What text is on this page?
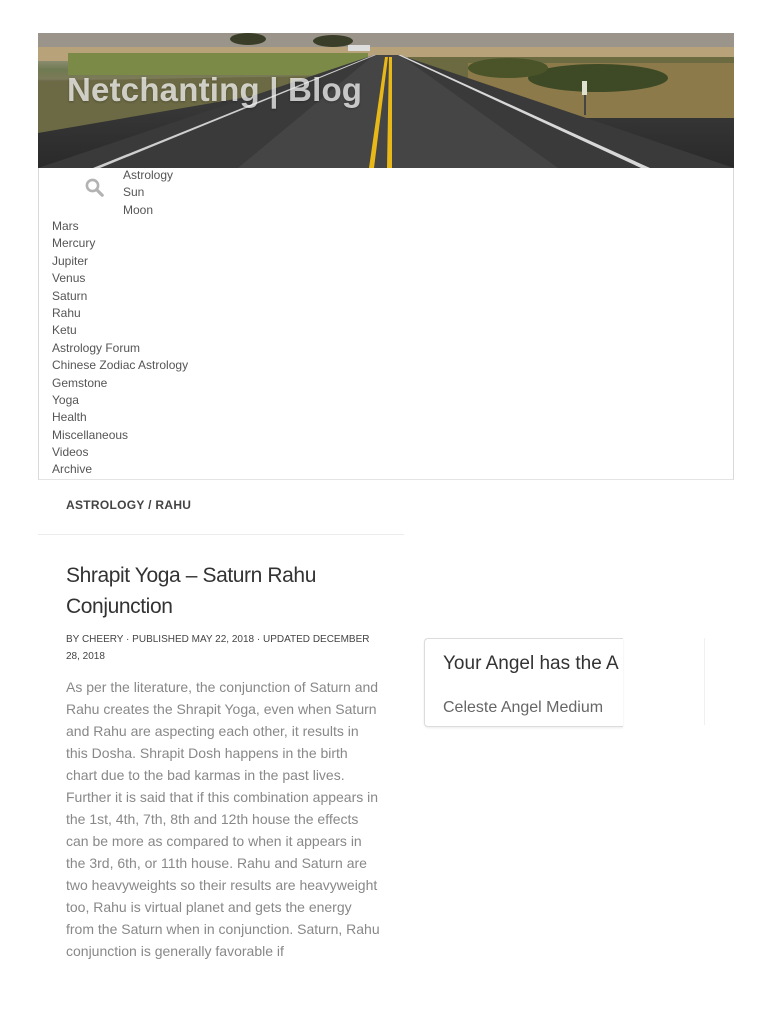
Netchanting | Blog
Astrology
Sun
Moon
Mars
Mercury
Jupiter
Venus
Saturn
Rahu
Ketu
Astrology Forum
Chinese Zodiac Astrology
Gemstone
Yoga
Health
Miscellaneous
Videos
Archive
ASTROLOGY / RAHU
Shrapit Yoga – Saturn Rahu Conjunction
BY CHEERY · PUBLISHED MAY 22, 2018 · UPDATED DECEMBER 28, 2018

As per the literature, the conjunction of Saturn and Rahu creates the Shrapit Yoga, even when Saturn and Rahu are aspecting each other, it results in this Dosha. Shrapit Dosh happens in the birth chart due to the bad karmas in the past lives. Further it is said that if this combination appears in the 1st, 4th, 7th, 8th and 12th house the effects can be more as compared to when it appears in the 3rd, 6th, or 11th house. Rahu and Saturn are two heavyweights so their results are heavyweight too, Rahu is virtual planet and gets the energy from the Saturn when in conjunction. Saturn, Rahu conjunction is generally favorable if

Your Angel has the A
Celeste Angel Medium
